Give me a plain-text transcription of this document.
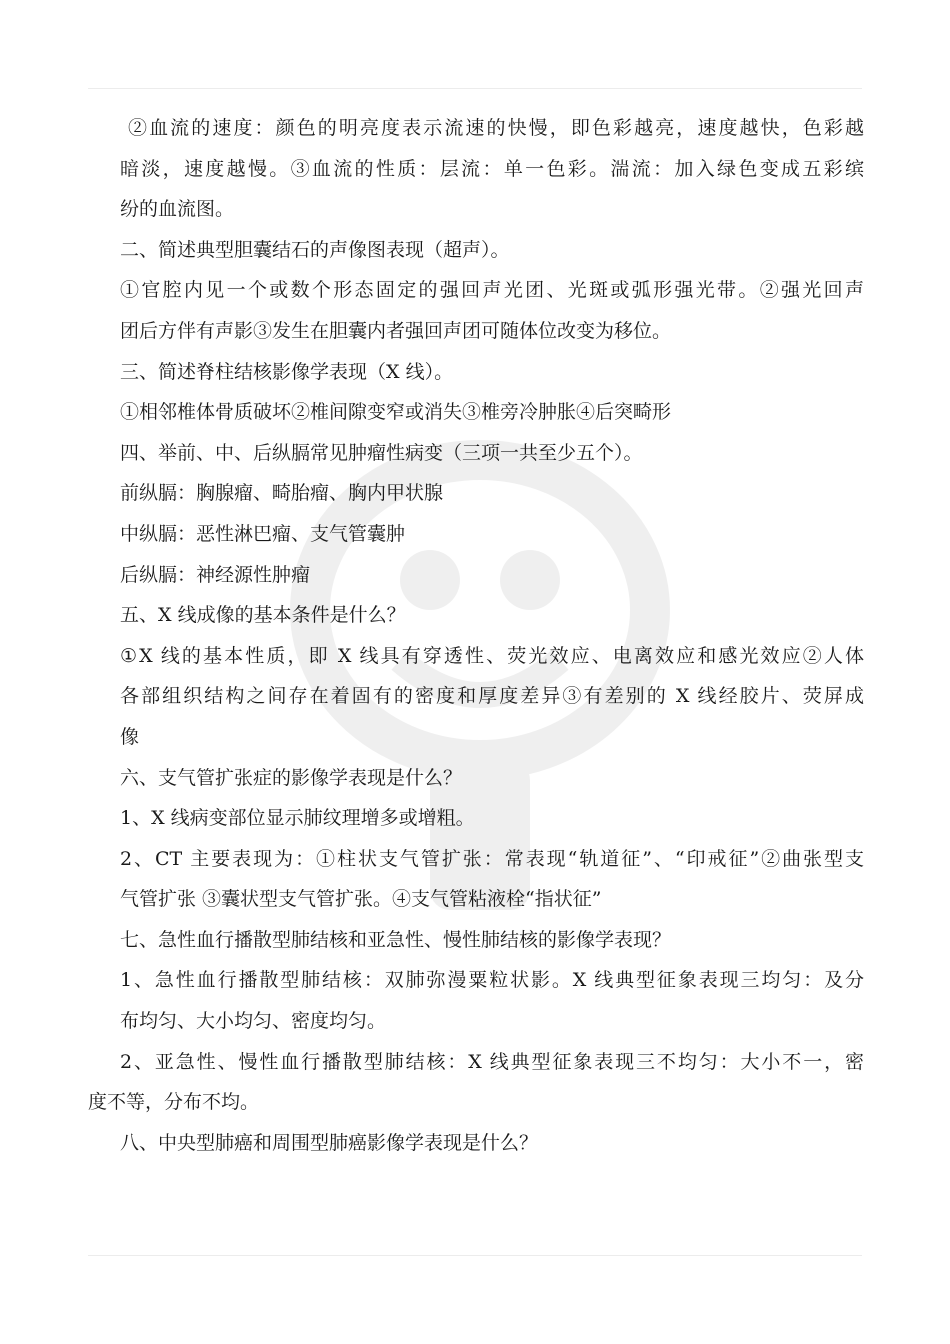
②血流的速度：颜色的明亮度表示流速的快慢，即色彩越亮，速度越快，色彩越
暗淡，速度越慢。③血流的性质：层流：单一色彩。湍流：加入绿色变成五彩缤
纷的血流图。
二、简述典型胆囊结石的声像图表现（超声）。
①官腔内见一个或数个形态固定的强回声光团、光斑或弧形强光带。②强光回声
团后方伴有声影③发生在胆囊内者强回声团可随体位改变为移位。
三、简述脊柱结核影像学表现（X 线）。
①相邻椎体骨质破坏②椎间隙变窄或消失③椎旁冷肿胀④后突畸形
四、举前、中、后纵膈常见肿瘤性病变（三项一共至少五个）。
前纵膈：胸腺瘤、畸胎瘤、胸内甲状腺
中纵膈：恶性淋巴瘤、支气管囊肿
后纵膈：神经源性肿瘤
五、X 线成像的基本条件是什么？
①X 线的基本性质，即 X 线具有穿透性、荧光效应、电离效应和感光效应②人体
各部组织结构之间存在着固有的密度和厚度差异③有差别的 X 线经胶片、荧屏成
像
六、支气管扩张症的影像学表现是什么？
1、X 线病变部位显示肺纹理增多或增粗。
2、CT 主要表现为：①柱状支气管扩张：常表现“轨道征”、“印戒征”②曲张型支
气管扩张 ③囊状型支气管扩张。④支气管粘液栓“指状征”
七、急性血行播散型肺结核和亚急性、慢性肺结核的影像学表现？
1、急性血行播散型肺结核：双肺弥漫粟粒状影。X 线典型征象表现三均匀：及分
布均匀、大小均匀、密度均匀。
2、亚急性、慢性血行播散型肺结核：X 线典型征象表现三不均匀：大小不一，密
度不等，分布不均。
八、中央型肺癌和周围型肺癌影像学表现是什么？
